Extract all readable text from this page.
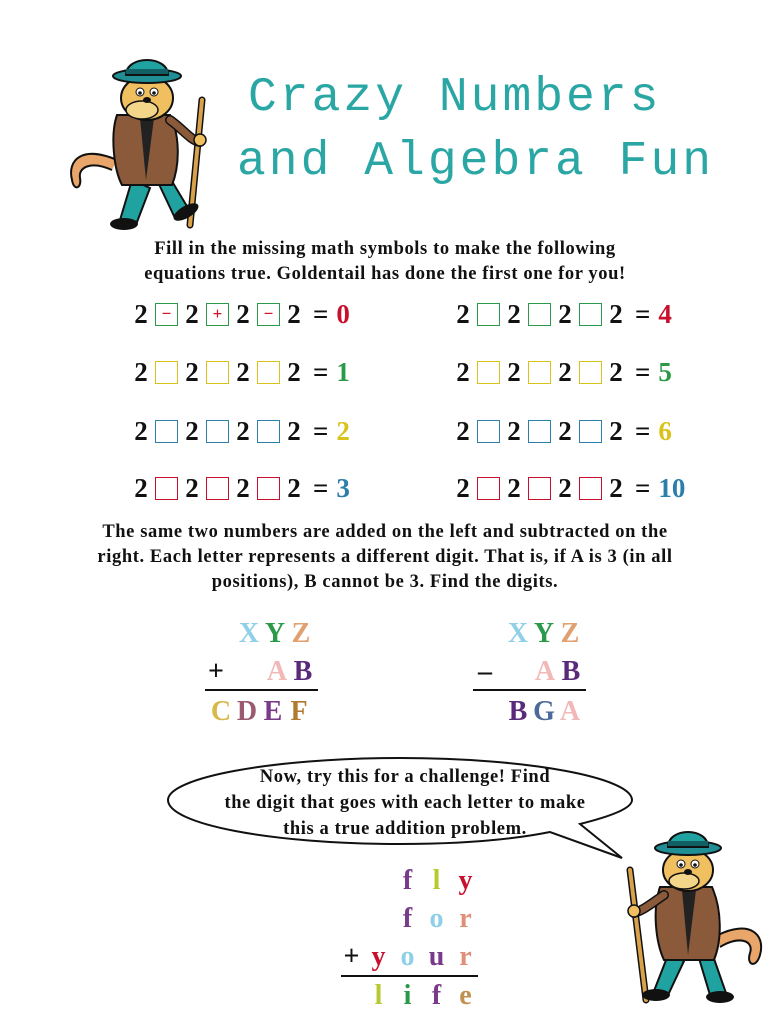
Crazy Numbers
and Algebra Fun
Fill in the missing math symbols to make the following
equations true. Goldentail has done the first one for you!
2 − 2 + 2 − 2 = 0
2 2 2 2 = 1
2 2 2 2 = 2
2 2 2 2 = 3
2 2 2 2 = 4
2 2 2 2 = 5
2 2 2 2 = 6
2 2 2 2 = 10
The same two numbers are added on the left and subtracted on the
right. Each letter represents a different digit. That is, if A is 3 (in all
positions), B cannot be 3. Find the digits.
X Y Z
+ A B
C D E F
X Y Z
– A B
B G A
Now, try this for a challenge! Find
the digit that goes with each letter to make
this a true addition problem.
f l y
f o r
+ y o u r
l i f e
